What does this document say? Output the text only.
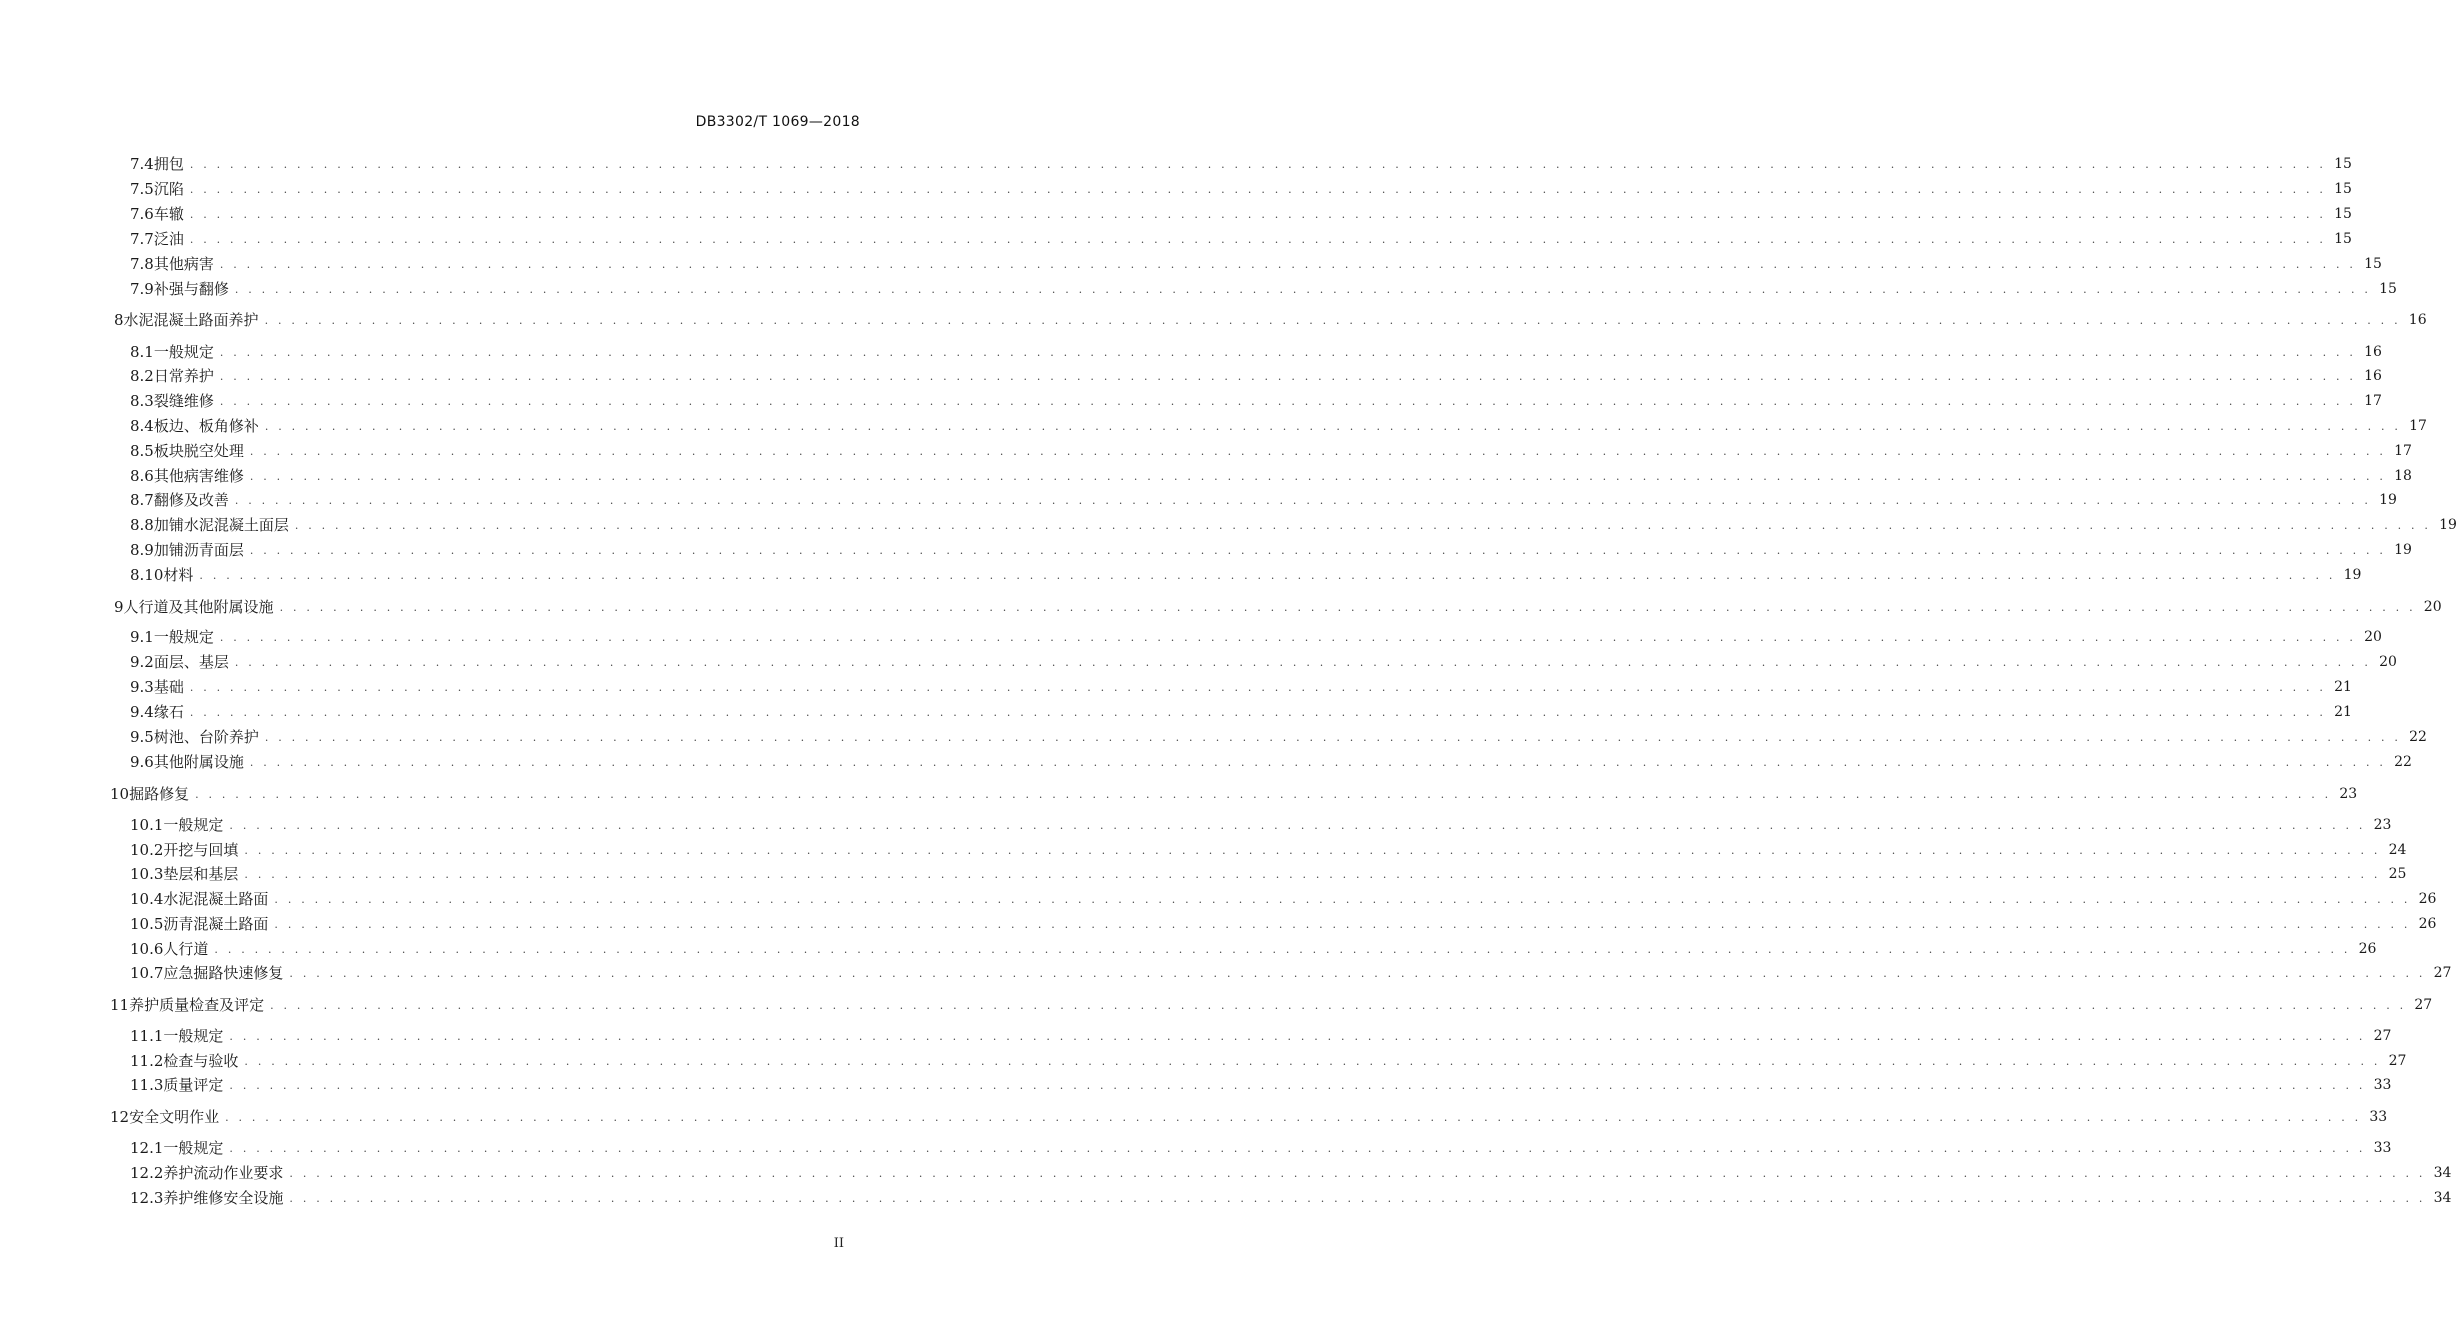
DB3302/T 1069—2018
7.4 拥包 . . . . . . . . . . . . . . . . . . . . . . . . . . . . . . . . . . . . . . . . . . . . . . . . . . . . . . . . . . . . . . . . . . . . . . . . . . . . . . . . . . . . . . . . . . . . . . . . . . . . . . . . . . . . . . . . . . . . . . . . . . . . . . . . . . . . . . . . . . . . . . . . . . . . . . . . . . . . . . . . 15
7.5 沉陷 . . . . . . . . . . . . . . . . . . . . . . . . . . . . . . . . . . . . . . . . . . . . . . . . . . . . . . . . . . . . . . . . . . . . . . . . . . . . . . . . . . . . . . . . . . . . . . . . . . . . . . . . . . . . . . . . . . . . . . . . . . . . . . . . . . . . . . . . . . . . . . . . . . . . . . . . . . . . . . . . 15
7.6 车辙 . . . . . . . . . . . . . . . . . . . . . . . . . . . . . . . . . . . . . . . . . . . . . . . . . . . . . . . . . . . . . . . . . . . . . . . . . . . . . . . . . . . . . . . . . . . . . . . . . . . . . . . . . . . . . . . . . . . . . . . . . . . . . . . . . . . . . . . . . . . . . . . . . . . . . . . . . . . . . . . . 15
7.7 泛油 . . . . . . . . . . . . . . . . . . . . . . . . . . . . . . . . . . . . . . . . . . . . . . . . . . . . . . . . . . . . . . . . . . . . . . . . . . . . . . . . . . . . . . . . . . . . . . . . . . . . . . . . . . . . . . . . . . . . . . . . . . . . . . . . . . . . . . . . . . . . . . . . . . . . . . . . . . . . . . . . 15
7.8 其他病害 . . . . . . . . . . . . . . . . . . . . . . . . . . . . . . . . . . . . . . . . . . . . . . . . . . . . . . . . . . . . . . . . . . . . . . . . . . . . . . . . . . . . . . . . . . . . . . . . . . . . . . . . . . . . . . . . . . . . . . . . . . . . . . . . . . . . . . . . . . . . . . . . . . . . . . . . . . . . . . . . 15
7.9 补强与翻修 . . . . . . . . . . . . . . . . . . . . . . . . . . . . . . . . . . . . . . . . . . . . . . . . . . . . . . . . . . . . . . . . . . . . . . . . . . . . . . . . . . . . . . . . . . . . . . . . . . . . . . . . . . . . . . . . . . . . . . . . . . . . . . . . . . . . . . . . . . . . . . . . . . . . . . . . . . . . . . . . 15
8 水泥混凝土路面养护 . . . . . . . . . . . . . . . . . . . . . . . . . . . . . . . . . . . . . . . . . . . . . . . . . . . . . . . . . . . . . . . . . . . . . . . . . . . . . . . . . . . . . . . . . . . . . . . . . . . . . . . . . . . . . . . . . . . . . . . . . . . . . . . . . . . . . . . . . . . . . . . . . . . . . . . . . . . . . . . . 16
8.1 一般规定 . . . . . . . . . . . . . . . . . . . . . . . . . . . . . . . . . . . . . . . . . . . . . . . . . . . . . . . . . . . . . . . . . . . . . . . . . . . . . . . . . . . . . . . . . . . . . . . . . . . . . . . . . . . . . . . . . . . . . . . . . . . . . . . . . . . . . . . . . . . . . . . . . . . . . . . . . . . . . . . . 16
8.2 日常养护 . . . . . . . . . . . . . . . . . . . . . . . . . . . . . . . . . . . . . . . . . . . . . . . . . . . . . . . . . . . . . . . . . . . . . . . . . . . . . . . . . . . . . . . . . . . . . . . . . . . . . . . . . . . . . . . . . . . . . . . . . . . . . . . . . . . . . . . . . . . . . . . . . . . . . . . . . . . . . . . . 16
8.3 裂缝维修 . . . . . . . . . . . . . . . . . . . . . . . . . . . . . . . . . . . . . . . . . . . . . . . . . . . . . . . . . . . . . . . . . . . . . . . . . . . . . . . . . . . . . . . . . . . . . . . . . . . . . . . . . . . . . . . . . . . . . . . . . . . . . . . . . . . . . . . . . . . . . . . . . . . . . . . . . . . . . . . . 17
8.4 板边、板角修补 . . . . . . . . . . . . . . . . . . . . . . . . . . . . . . . . . . . . . . . . . . . . . . . . . . . . . . . . . . . . . . . . . . . . . . . . . . . . . . . . . . . . . . . . . . . . . . . . . . . . . . . . . . . . . . . . . . . . . . . . . . . . . . . . . . . . . . . . . . . . . . . . . . . . . . . . . . . . . . . . 17
8.5 板块脱空处理 . . . . . . . . . . . . . . . . . . . . . . . . . . . . . . . . . . . . . . . . . . . . . . . . . . . . . . . . . . . . . . . . . . . . . . . . . . . . . . . . . . . . . . . . . . . . . . . . . . . . . . . . . . . . . . . . . . . . . . . . . . . . . . . . . . . . . . . . . . . . . . . . . . . . . . . . . . . . . . . . 17
8.6 其他病害维修 . . . . . . . . . . . . . . . . . . . . . . . . . . . . . . . . . . . . . . . . . . . . . . . . . . . . . . . . . . . . . . . . . . . . . . . . . . . . . . . . . . . . . . . . . . . . . . . . . . . . . . . . . . . . . . . . . . . . . . . . . . . . . . . . . . . . . . . . . . . . . . . . . . . . . . . . . . . . . . . . 18
8.7 翻修及改善 . . . . . . . . . . . . . . . . . . . . . . . . . . . . . . . . . . . . . . . . . . . . . . . . . . . . . . . . . . . . . . . . . . . . . . . . . . . . . . . . . . . . . . . . . . . . . . . . . . . . . . . . . . . . . . . . . . . . . . . . . . . . . . . . . . . . . . . . . . . . . . . . . . . . . . . . . . . . . . . . 19
8.8 加铺水泥混凝土面层 . . . . . . . . . . . . . . . . . . . . . . . . . . . . . . . . . . . . . . . . . . . . . . . . . . . . . . . . . . . . . . . . . . . . . . . . . . . . . . . . . . . . . . . . . . . . . . . . . . . . . . . . . . . . . . . . . . . . . . . . . . . . . . . . . . . . . . . . . . . . . . . . . . . . . . . . . . . . . . . . 19
8.9 加铺沥青面层 . . . . . . . . . . . . . . . . . . . . . . . . . . . . . . . . . . . . . . . . . . . . . . . . . . . . . . . . . . . . . . . . . . . . . . . . . . . . . . . . . . . . . . . . . . . . . . . . . . . . . . . . . . . . . . . . . . . . . . . . . . . . . . . . . . . . . . . . . . . . . . . . . . . . . . . . . . . . . . . . 19
8.10 材料 . . . . . . . . . . . . . . . . . . . . . . . . . . . . . . . . . . . . . . . . . . . . . . . . . . . . . . . . . . . . . . . . . . . . . . . . . . . . . . . . . . . . . . . . . . . . . . . . . . . . . . . . . . . . . . . . . . . . . . . . . . . . . . . . . . . . . . . . . . . . . . . . . . . . . . . . . . . . . . . . 19
9 人行道及其他附属设施 . . . . . . . . . . . . . . . . . . . . . . . . . . . . . . . . . . . . . . . . . . . . . . . . . . . . . . . . . . . . . . . . . . . . . . . . . . . . . . . . . . . . . . . . . . . . . . . . . . . . . . . . . . . . . . . . . . . . . . . . . . . . . . . . . . . . . . . . . . . . . . . . . . . . . . . . . . . . . . . . 20
9.1 一般规定 . . . . . . . . . . . . . . . . . . . . . . . . . . . . . . . . . . . . . . . . . . . . . . . . . . . . . . . . . . . . . . . . . . . . . . . . . . . . . . . . . . . . . . . . . . . . . . . . . . . . . . . . . . . . . . . . . . . . . . . . . . . . . . . . . . . . . . . . . . . . . . . . . . . . . . . . . . . . . . . . 20
9.2 面层、基层 . . . . . . . . . . . . . . . . . . . . . . . . . . . . . . . . . . . . . . . . . . . . . . . . . . . . . . . . . . . . . . . . . . . . . . . . . . . . . . . . . . . . . . . . . . . . . . . . . . . . . . . . . . . . . . . . . . . . . . . . . . . . . . . . . . . . . . . . . . . . . . . . . . . . . . . . . . . . . . . . 20
9.3 基础 . . . . . . . . . . . . . . . . . . . . . . . . . . . . . . . . . . . . . . . . . . . . . . . . . . . . . . . . . . . . . . . . . . . . . . . . . . . . . . . . . . . . . . . . . . . . . . . . . . . . . . . . . . . . . . . . . . . . . . . . . . . . . . . . . . . . . . . . . . . . . . . . . . . . . . . . . . . . . . . . 21
9.4 缘石 . . . . . . . . . . . . . . . . . . . . . . . . . . . . . . . . . . . . . . . . . . . . . . . . . . . . . . . . . . . . . . . . . . . . . . . . . . . . . . . . . . . . . . . . . . . . . . . . . . . . . . . . . . . . . . . . . . . . . . . . . . . . . . . . . . . . . . . . . . . . . . . . . . . . . . . . . . . . . . . . 21
9.5 树池、台阶养护 . . . . . . . . . . . . . . . . . . . . . . . . . . . . . . . . . . . . . . . . . . . . . . . . . . . . . . . . . . . . . . . . . . . . . . . . . . . . . . . . . . . . . . . . . . . . . . . . . . . . . . . . . . . . . . . . . . . . . . . . . . . . . . . . . . . . . . . . . . . . . . . . . . . . . . . . . . . . . . . . 22
9.6 其他附属设施 . . . . . . . . . . . . . . . . . . . . . . . . . . . . . . . . . . . . . . . . . . . . . . . . . . . . . . . . . . . . . . . . . . . . . . . . . . . . . . . . . . . . . . . . . . . . . . . . . . . . . . . . . . . . . . . . . . . . . . . . . . . . . . . . . . . . . . . . . . . . . . . . . . . . . . . . . . . . . . . . 22
10 掘路修复 . . . . . . . . . . . . . . . . . . . . . . . . . . . . . . . . . . . . . . . . . . . . . . . . . . . . . . . . . . . . . . . . . . . . . . . . . . . . . . . . . . . . . . . . . . . . . . . . . . . . . . . . . . . . . . . . . . . . . . . . . . . . . . . . . . . . . . . . . . . . . . . . . . . . . . . . . . . . . . . . 23
10.1 一般规定 . . . . . . . . . . . . . . . . . . . . . . . . . . . . . . . . . . . . . . . . . . . . . . . . . . . . . . . . . . . . . . . . . . . . . . . . . . . . . . . . . . . . . . . . . . . . . . . . . . . . . . . . . . . . . . . . . . . . . . . . . . . . . . . . . . . . . . . . . . . . . . . . . . . . . . . . . . . . . . . . 23
10.2 开挖与回填 . . . . . . . . . . . . . . . . . . . . . . . . . . . . . . . . . . . . . . . . . . . . . . . . . . . . . . . . . . . . . . . . . . . . . . . . . . . . . . . . . . . . . . . . . . . . . . . . . . . . . . . . . . . . . . . . . . . . . . . . . . . . . . . . . . . . . . . . . . . . . . . . . . . . . . . . . . . . . . . . 24
10.3 垫层和基层 . . . . . . . . . . . . . . . . . . . . . . . . . . . . . . . . . . . . . . . . . . . . . . . . . . . . . . . . . . . . . . . . . . . . . . . . . . . . . . . . . . . . . . . . . . . . . . . . . . . . . . . . . . . . . . . . . . . . . . . . . . . . . . . . . . . . . . . . . . . . . . . . . . . . . . . . . . . . . . . . 25
10.4 水泥混凝土路面 . . . . . . . . . . . . . . . . . . . . . . . . . . . . . . . . . . . . . . . . . . . . . . . . . . . . . . . . . . . . . . . . . . . . . . . . . . . . . . . . . . . . . . . . . . . . . . . . . . . . . . . . . . . . . . . . . . . . . . . . . . . . . . . . . . . . . . . . . . . . . . . . . . . . . . . . . . . . . . . . 26
10.5 沥青混凝土路面 . . . . . . . . . . . . . . . . . . . . . . . . . . . . . . . . . . . . . . . . . . . . . . . . . . . . . . . . . . . . . . . . . . . . . . . . . . . . . . . . . . . . . . . . . . . . . . . . . . . . . . . . . . . . . . . . . . . . . . . . . . . . . . . . . . . . . . . . . . . . . . . . . . . . . . . . . . . . . . . . 26
10.6 人行道 . . . . . . . . . . . . . . . . . . . . . . . . . . . . . . . . . . . . . . . . . . . . . . . . . . . . . . . . . . . . . . . . . . . . . . . . . . . . . . . . . . . . . . . . . . . . . . . . . . . . . . . . . . . . . . . . . . . . . . . . . . . . . . . . . . . . . . . . . . . . . . . . . . . . . . . . . . . . . . . . 26
10.7 应急掘路快速修复 . . . . . . . . . . . . . . . . . . . . . . . . . . . . . . . . . . . . . . . . . . . . . . . . . . . . . . . . . . . . . . . . . . . . . . . . . . . . . . . . . . . . . . . . . . . . . . . . . . . . . . . . . . . . . . . . . . . . . . . . . . . . . . . . . . . . . . . . . . . . . . . . . . . . . . . . . . . . . . . . 27
11 养护质量检查及评定 . . . . . . . . . . . . . . . . . . . . . . . . . . . . . . . . . . . . . . . . . . . . . . . . . . . . . . . . . . . . . . . . . . . . . . . . . . . . . . . . . . . . . . . . . . . . . . . . . . . . . . . . . . . . . . . . . . . . . . . . . . . . . . . . . . . . . . . . . . . . . . . . . . . . . . . . . . . . . . . . 27
11.1 一般规定 . . . . . . . . . . . . . . . . . . . . . . . . . . . . . . . . . . . . . . . . . . . . . . . . . . . . . . . . . . . . . . . . . . . . . . . . . . . . . . . . . . . . . . . . . . . . . . . . . . . . . . . . . . . . . . . . . . . . . . . . . . . . . . . . . . . . . . . . . . . . . . . . . . . . . . . . . . . . . . . . 27
11.2 检查与验收 . . . . . . . . . . . . . . . . . . . . . . . . . . . . . . . . . . . . . . . . . . . . . . . . . . . . . . . . . . . . . . . . . . . . . . . . . . . . . . . . . . . . . . . . . . . . . . . . . . . . . . . . . . . . . . . . . . . . . . . . . . . . . . . . . . . . . . . . . . . . . . . . . . . . . . . . . . . . . . . . 27
11.3 质量评定 . . . . . . . . . . . . . . . . . . . . . . . . . . . . . . . . . . . . . . . . . . . . . . . . . . . . . . . . . . . . . . . . . . . . . . . . . . . . . . . . . . . . . . . . . . . . . . . . . . . . . . . . . . . . . . . . . . . . . . . . . . . . . . . . . . . . . . . . . . . . . . . . . . . . . . . . . . . . . . . . 33
12 安全文明作业 . . . . . . . . . . . . . . . . . . . . . . . . . . . . . . . . . . . . . . . . . . . . . . . . . . . . . . . . . . . . . . . . . . . . . . . . . . . . . . . . . . . . . . . . . . . . . . . . . . . . . . . . . . . . . . . . . . . . . . . . . . . . . . . . . . . . . . . . . . . . . . . . . . . . . . . . . . . . . . . . 33
12.1 一般规定 . . . . . . . . . . . . . . . . . . . . . . . . . . . . . . . . . . . . . . . . . . . . . . . . . . . . . . . . . . . . . . . . . . . . . . . . . . . . . . . . . . . . . . . . . . . . . . . . . . . . . . . . . . . . . . . . . . . . . . . . . . . . . . . . . . . . . . . . . . . . . . . . . . . . . . . . . . . . . . . . 33
12.2 养护流动作业要求 . . . . . . . . . . . . . . . . . . . . . . . . . . . . . . . . . . . . . . . . . . . . . . . . . . . . . . . . . . . . . . . . . . . . . . . . . . . . . . . . . . . . . . . . . . . . . . . . . . . . . . . . . . . . . . . . . . . . . . . . . . . . . . . . . . . . . . . . . . . . . . . . . . . . . . . . . . . . . . . . 34
12.3 养护维修安全设施 . . . . . . . . . . . . . . . . . . . . . . . . . . . . . . . . . . . . . . . . . . . . . . . . . . . . . . . . . . . . . . . . . . . . . . . . . . . . . . . . . . . . . . . . . . . . . . . . . . . . . . . . . . . . . . . . . . . . . . . . . . . . . . . . . . . . . . . . . . . . . . . . . . . . . . . . . . . . . . . . 34
II
